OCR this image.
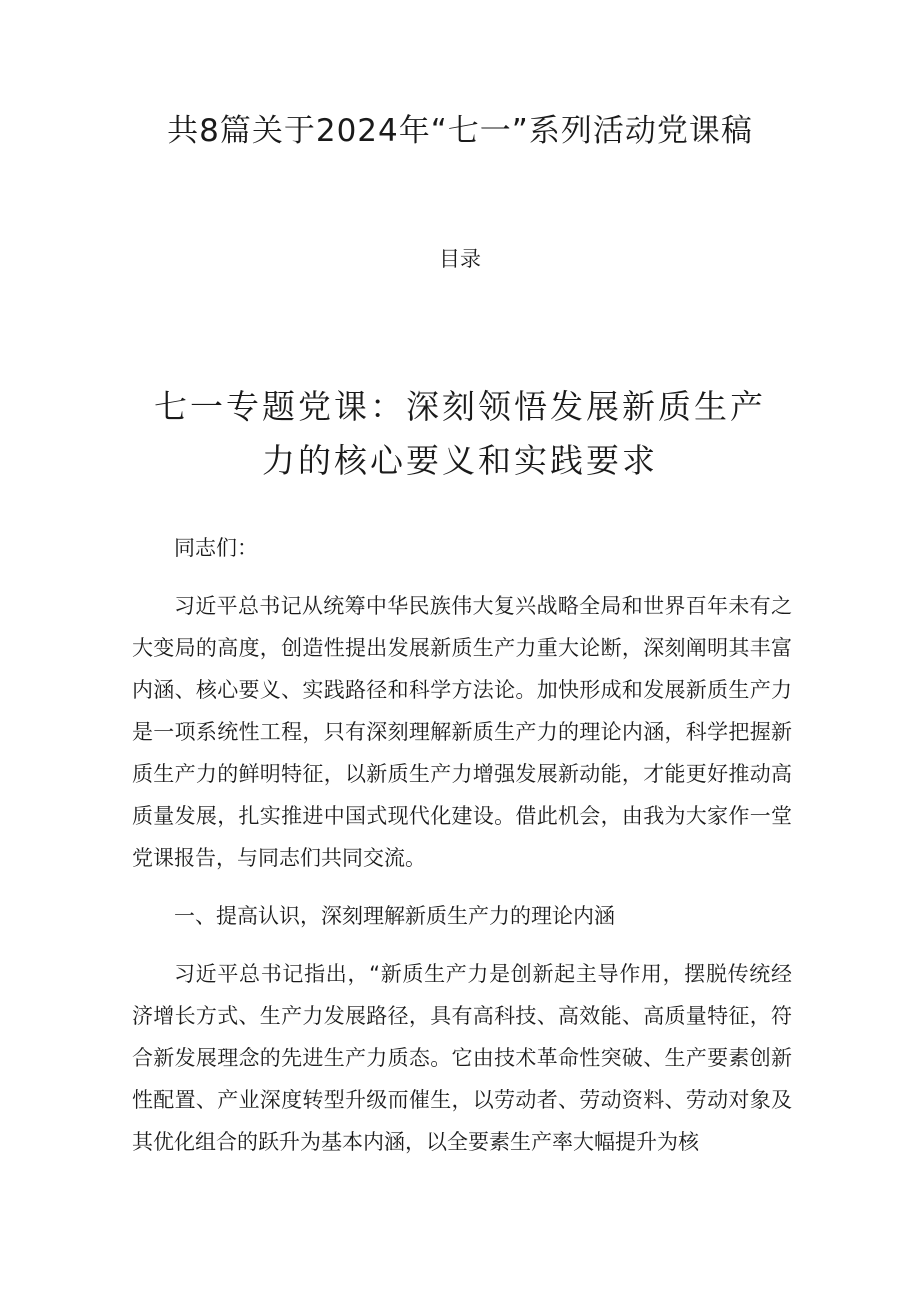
共8篇关于2024年“七一”系列活动党课稿
目录
七一专题党课：深刻领悟发展新质生产力的核心要义和实践要求

同志们：

习近平总书记从统筹中华民族伟大复兴战略全局和世界百年未有之大变局的高度，创造性提出发展新质生产力重大论断，深刻阐明其丰富内涵、核心要义、实践路径和科学方法论。加快形成和发展新质生产力是一项系统性工程，只有深刻理解新质生产力的理论内涵，科学把握新质生产力的鲜明特征，以新质生产力增强发展新动能，才能更好推动高质量发展，扎实推进中国式现代化建设。借此机会，由我为大家作一堂党课报告，与同志们共同交流。

一、提高认识，深刻理解新质生产力的理论内涵

习近平总书记指出，“新质生产力是创新起主导作用，摆脱传统经济增长方式、生产力发展路径，具有高科技、高效能、高质量特征，符合新发展理念的先进生产力质态。它由技术革命性突破、生产要素创新性配置、产业深度转型升级而催生，以劳动者、劳动资料、劳动对象及其优化组合的跃升为基本内涵，以全要素生产率大幅提升为核
